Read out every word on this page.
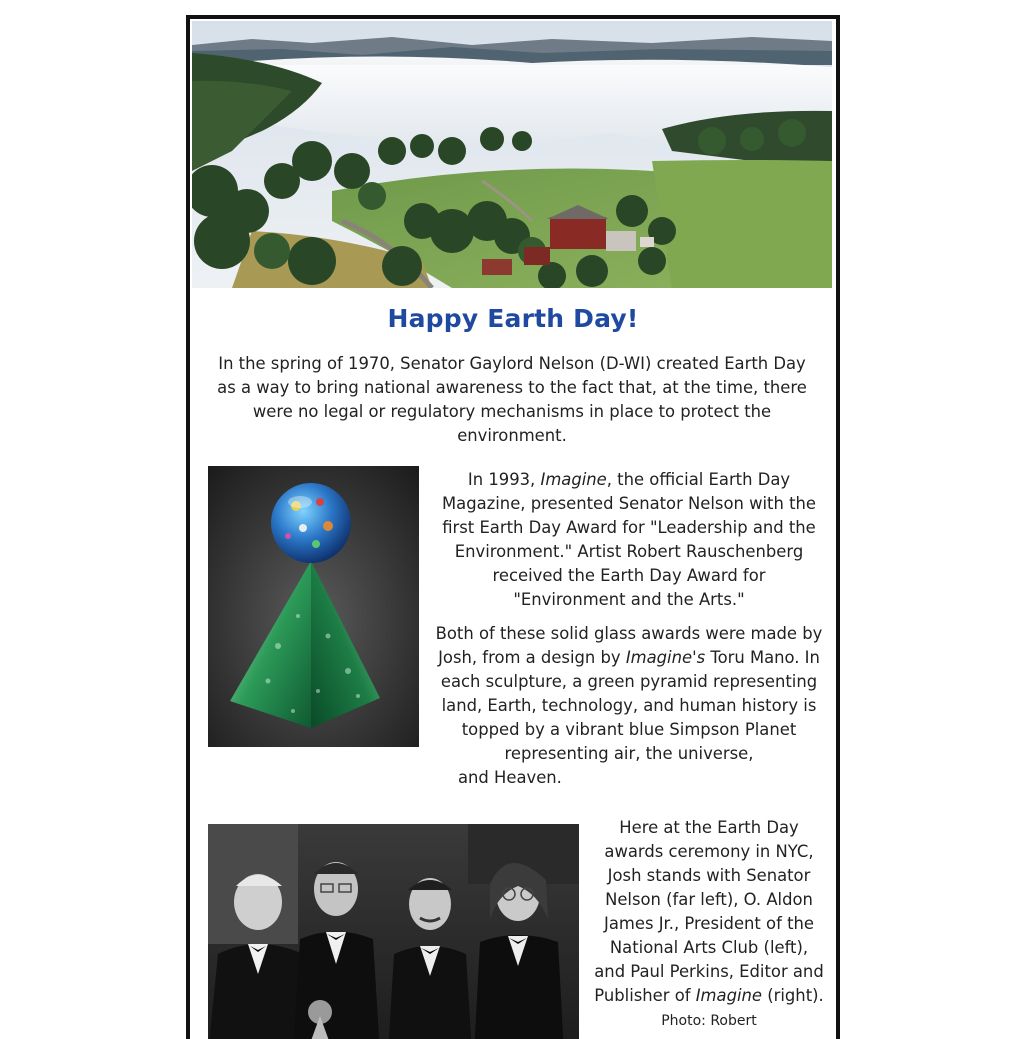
Happy Earth Day!
In the spring of 1970, Senator Gaylord Nelson (D-WI) created Earth Day as a way to bring national awareness to the fact that, at the time, there were no legal or regulatory mechanisms in place to protect the environment.

In 1993, Imagine, the official Earth Day Magazine, presented Senator Nelson with the first Earth Day Award for "Leadership and the Environment." Artist Robert Rauschenberg received the Earth Day Award for "Environment and the Arts."

Both of these solid glass awards were made by Josh, from a design by Imagine's Toru Mano. In each sculpture, a green pyramid representing land, Earth, technology, and human history is topped by a vibrant blue Simpson Planet representing air, the universe,
and Heaven.

Here at the Earth Day awards ceremony in NYC, Josh stands with Senator Nelson (far left), O. Aldon James Jr., President of the National Arts Club (left), and Paul Perkins, Editor and Publisher of Imagine (right). Photo: Robert
